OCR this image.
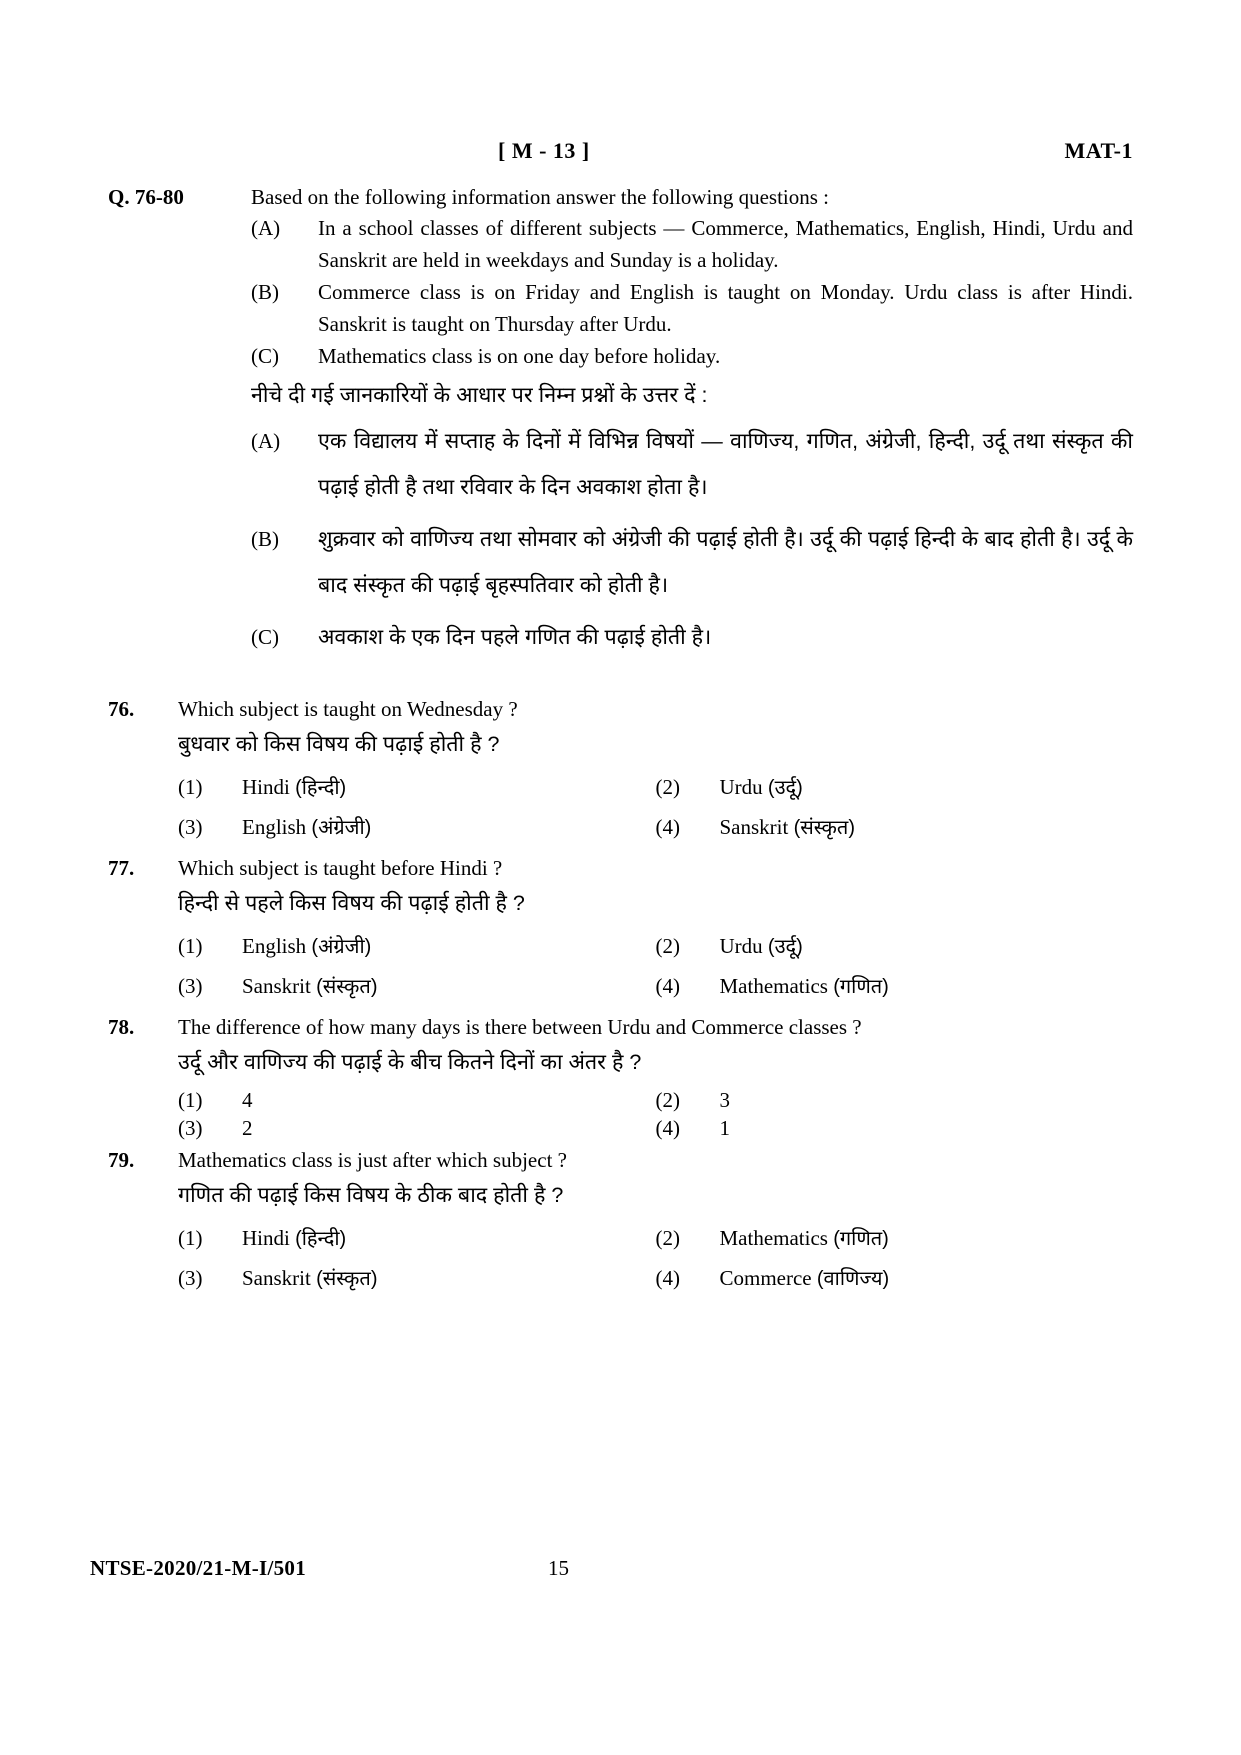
[ M - 13 ]	MAT-1
Q. 76-80	Based on the following information answer the following questions :
(A)	In a school classes of different subjects — Commerce, Mathematics, English, Hindi, Urdu and Sanskrit are held in weekdays and Sunday is a holiday.
(B)	Commerce class is on Friday and English is taught on Monday. Urdu class is after Hindi. Sanskrit is taught on Thursday after Urdu.
(C)	Mathematics class is on one day before holiday.
नीचे दी गई जानकारियों के आधार पर निम्न प्रश्नों के उत्तर दें :
(A)	एक विद्यालय में सप्ताह के दिनों में विभिन्न विषयों — वाणिज्य, गणित, अंग्रेजी, हिन्दी, उर्दू तथा संस्कृत की पढ़ाई होती है तथा रविवार के दिन अवकाश होता है।
(B)	शुक्रवार को वाणिज्य तथा सोमवार को अंग्रेजी की पढ़ाई होती है। उर्दू की पढ़ाई हिन्दी के बाद होती है। उर्दू के बाद संस्कृत की पढ़ाई बृहस्पतिवार को होती है।
(C)	अवकाश के एक दिन पहले गणित की पढ़ाई होती है।
76.	Which subject is taught on Wednesday ?
बुधवार को किस विषय की पढ़ाई होती है ?
(1)	Hindi (हिन्दी)	(2)	Urdu (उर्दू)
(3)	English (अंग्रेजी)	(4)	Sanskrit (संस्कृत)
77.	Which subject is taught before Hindi ?
हिन्दी से पहले किस विषय की पढ़ाई होती है ?
(1)	English (अंग्रेजी)	(2)	Urdu (उर्दू)
(3)	Sanskrit (संस्कृत)	(4)	Mathematics (गणित)
78.	The difference of how many days is there between Urdu and Commerce classes ?
उर्दू और वाणिज्य की पढ़ाई के बीच कितने दिनों का अंतर है ?
(1)	4	(2)	3
(3)	2	(4)	1
79.	Mathematics class is just after which subject ?
गणित की पढ़ाई किस विषय के ठीक बाद होती है ?
(1)	Hindi (हिन्दी)	(2)	Mathematics (गणित)
(3)	Sanskrit (संस्कृत)	(4)	Commerce (वाणिज्य)
NTSE-2020/21-M-I/501	15
